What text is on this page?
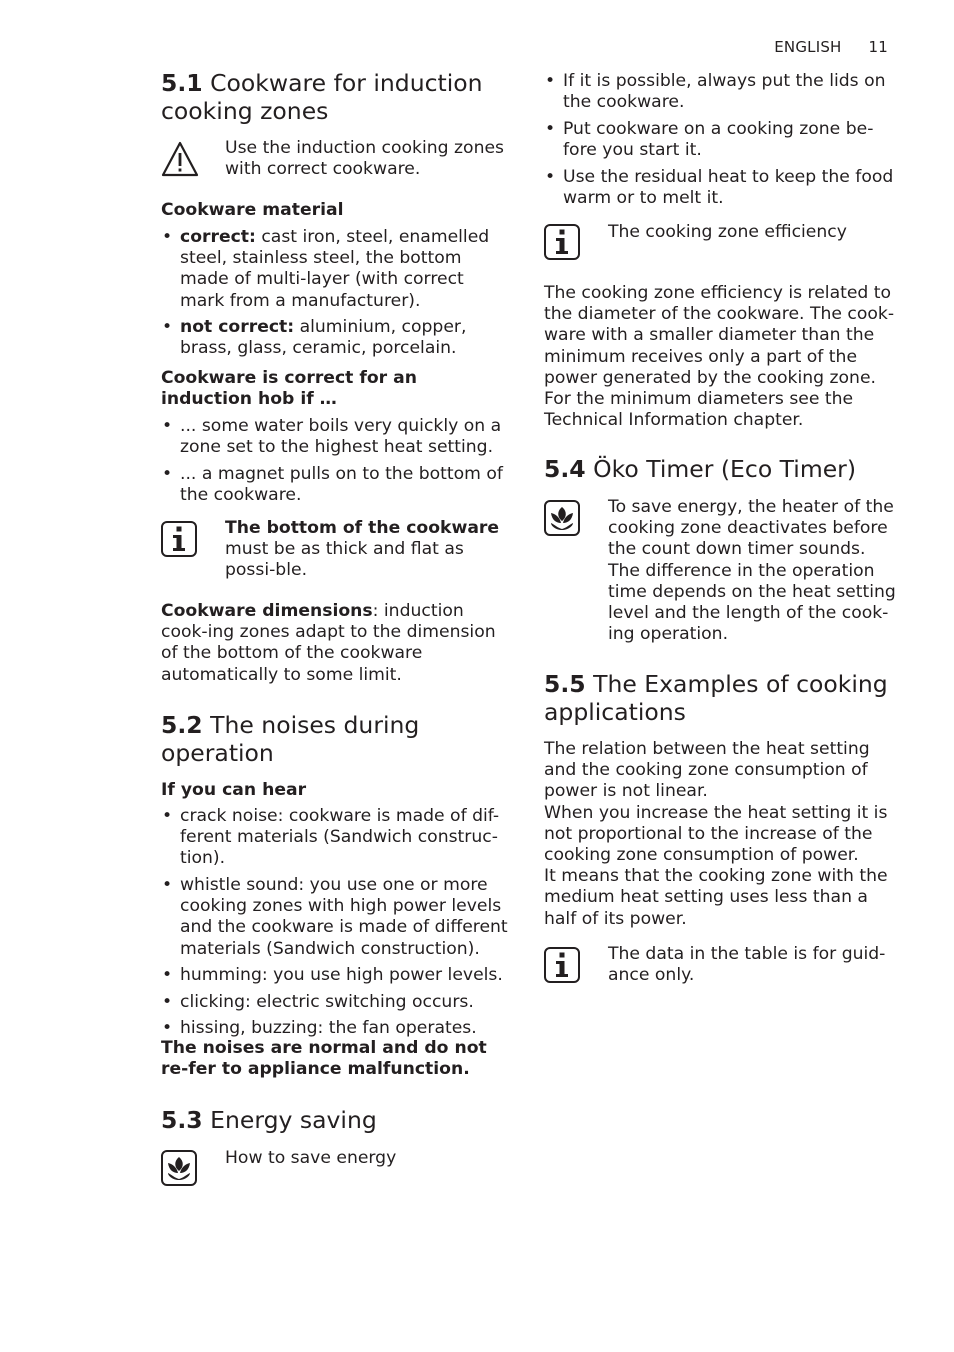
ENGLISH 11
5.1 Cookware for induction cooking zones
Use the induction cooking zones with correct cookware.

Cookware material

• correct: cast iron, steel, enamelled steel, stainless steel, the bottom made of multi-layer (with correct mark from a manufacturer).
• not correct: aluminium, copper, brass, glass, ceramic, porcelain.

Cookware is correct for an induction hob if …

• ... some water boils very quickly on a zone set to the highest heat setting.
• ... a magnet pulls on to the bottom of the cookware.
The bottom of the cookware must be as thick and flat as possi-ble.

Cookware dimensions: induction cook-ing zones adapt to the dimension of the bottom of the cookware automatically to some limit.

5.2 The noises during operation

If you can hear

• crack noise: cookware is made of dif-ferent materials (Sandwich construc-tion).
• whistle sound: you use one or more cooking zones with high power levels and the cookware is made of different materials (Sandwich construction).
• humming: you use high power levels.
• clicking: electric switching occurs.
• hissing, buzzing: the fan operates.

The noises are normal and do not re-fer to appliance malfunction.

5.3 Energy saving
How to save energy
• If it is possible, always put the lids on the cookware.
• Put cookware on a cooking zone be-fore you start it.
• Use the residual heat to keep the food warm or to melt it.
The cooking zone efficiency

The cooking zone efficiency is related to the diameter of the cookware. The cook-ware with a smaller diameter than the minimum receives only a part of the power generated by the cooking zone. For the minimum diameters see the Technical Information chapter.

5.4 Öko Timer (Eco Timer)
To save energy, the heater of the cooking zone deactivates before the count down timer sounds. The difference in the operation time depends on the heat setting level and the length of the cook-ing operation.
5.5 The Examples of cooking applications

The relation between the heat setting and the cooking zone consumption of power is not linear.

When you increase the heat setting it is not proportional to the increase of the cooking zone consumption of power.

It means that the cooking zone with the medium heat setting uses less than a half of its power.

The data in the table is for guid-ance only.
